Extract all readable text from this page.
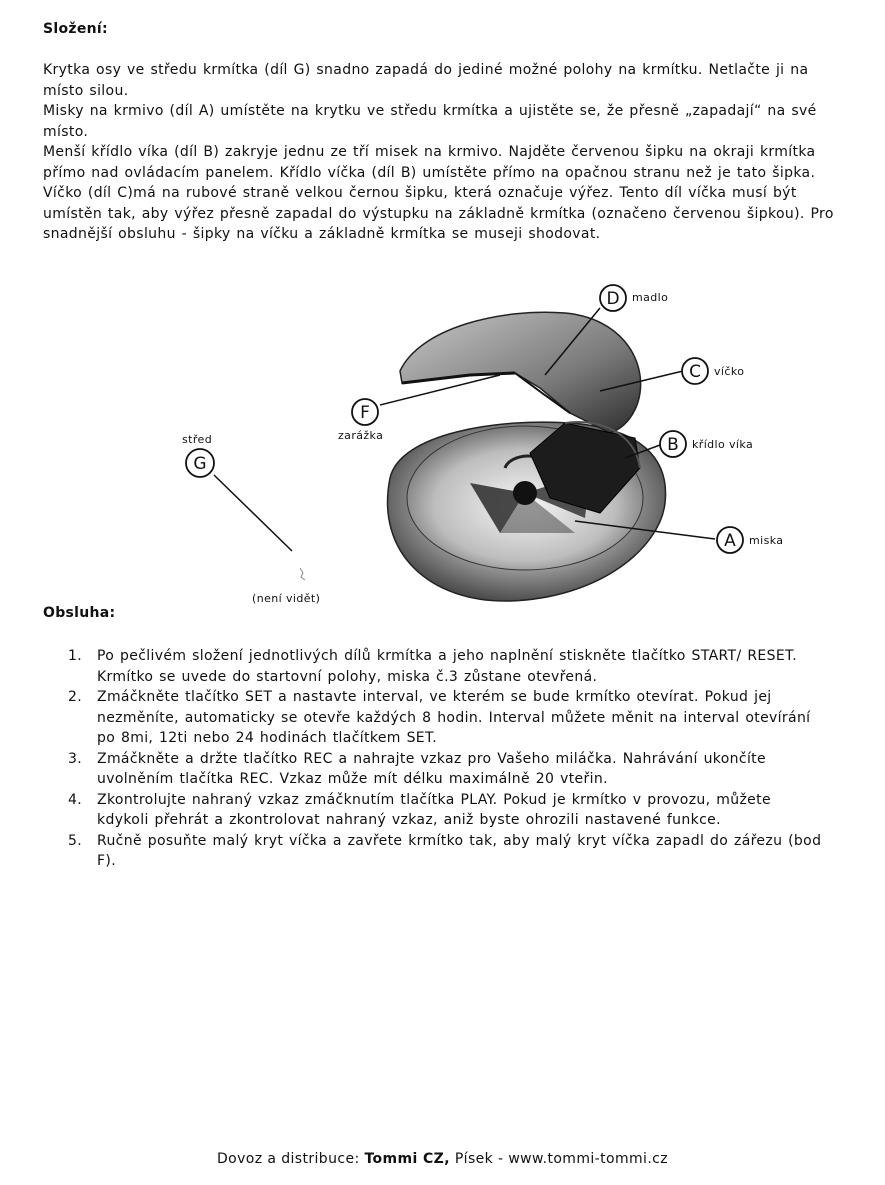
Složení:

Krytka osy ve středu krmítka (díl G) snadno zapadá do jediné možné polohy na krmítku. Netlačte ji na místo silou.

Misky na krmivo (díl A) umístěte na krytku ve středu krmítka a ujistěte se, že přesně „zapadají“ na své místo.

Menší křídlo víka (díl B) zakryje jednu ze tří misek na krmivo. Najděte červenou šipku na okraji krmítka přímo nad ovládacím panelem. Křídlo víčka (díl B) umístěte přímo na opačnou stranu než je tato šipka.

Víčko (díl C)má na rubové straně velkou černou šipku, která označuje výřez. Tento díl víčka musí být umístěn tak, aby výřez přesně zapadal do výstupku na základně krmítka (označeno červenou šipkou). Pro snadnější obsluhu - šipky na víčku a základně krmítka se museji shodovat.

D madlo
C víčko
F
zarážka	B křídlo víka
střed
G
A miska
(není vidět)
Obsluha:
1.	Po pečlivém složení jednotlivých dílů krmítka a jeho naplnění stiskněte tlačítko START/ RESET. Krmítko se uvede do startovní polohy, miska č.3 zůstane otevřená.
2.	Zmáčkněte tlačítko SET a nastavte interval, ve kterém se bude krmítko otevírat. Pokud jej nezměníte, automaticky se otevře každých 8 hodin. Interval můžete měnit na interval otevírání po 8mi, 12ti nebo 24 hodinách tlačítkem SET.
3.	Zmáčkněte a držte tlačítko REC a nahrajte vzkaz pro Vašeho miláčka. Nahrávání ukončíte uvolněním tlačítka REC. Vzkaz může mít délku maximálně 20 vteřin.
4.	Zkontrolujte nahraný vzkaz zmáčknutím tlačítka PLAY. Pokud je krmítko v provozu, můžete kdykoli přehrát a zkontrolovat nahraný vzkaz, aniž byste ohrozili nastavené funkce.
5.	Ručně posuňte malý kryt víčka a zavřete krmítko tak, aby malý kryt víčka zapadl do zářezu (bod F).
Dovoz a distribuce: Tommi CZ, Písek - www.tommi-tommi.cz
